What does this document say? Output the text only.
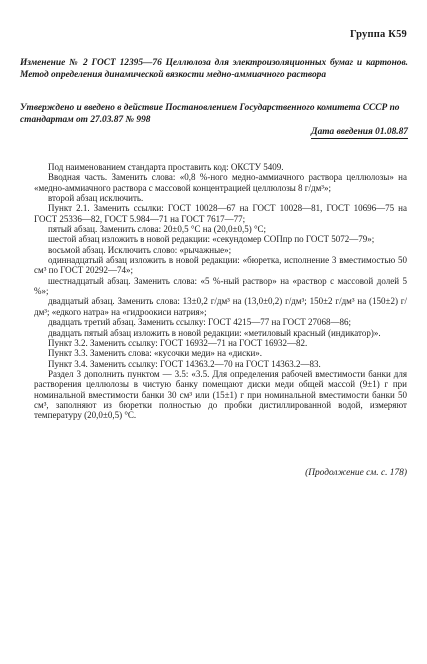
Группа К59
Изменение № 2 ГОСТ 12395—76 Целлюлоза для электроизоляционных бумаг и картонов. Метод определения динамической вязкости медно-аммиачного раствора
Утверждено и введено в действие Постановлением Государственного комитета СССР по стандартам от 27.03.87 № 998
Дата введения 01.08.87

Под наименованием стандарта проставить код: ОКСТУ 5409.

Вводная часть. Заменить слова: «0,8 %-ного медно-аммиачного раствора целлюлозы» на «медно-аммиачного раствора с массовой концентрацией целлюлозы 8 г/дм³»;

второй абзац исключить.

Пункт 2.1. Заменить ссылки: ГОСТ 10028—67 на ГОСТ 10028—81, ГОСТ 10696—75 на ГОСТ 25336—82, ГОСТ 5.984—71 на ГОСТ 7617—77;

пятый абзац. Заменить слова: 20±0,5 °С на (20,0±0,5) °С;

шестой абзац изложить в новой редакции: «секундомер СОПпр по ГОСТ 5072—79»;

восьмой абзац. Исключить слово: «рычажные»;

одиннадцатый абзац изложить в новой редакции: «бюретка, исполнение 3 вместимостью 50 см³ по ГОСТ 20292—74»;

шестнадцатый абзац. Заменить слова: «5 %-ный раствор» на «раствор с массовой долей 5 %»;

двадцатый абзац. Заменить слова: 13±0,2 г/дм³ на (13,0±0,2) г/дм³; 150±2 г/дм³ на (150±2) г/дм³; «едкого натра» на «гидроокиси натрия»;

двадцать третий абзац. Заменить ссылку: ГОСТ 4215—77 на ГОСТ 27068—86;

двадцать пятый абзац изложить в новой редакции: «метиловый красный (индикатор)».

Пункт 3.2. Заменить ссылку: ГОСТ 16932—71 на ГОСТ 16932—82.

Пункт 3.3. Заменить слова: «кусочки меди» на «диски».

Пункт 3.4. Заменить ссылку: ГОСТ 14363.2—70 на ГОСТ 14363.2—83.

Раздел 3 дополнить пунктом — 3.5: «3.5. Для определения рабочей вместимости банки для растворения целлюлозы в чистую банку помещают диски меди общей массой (9±1) г при номинальной вместимости банки 30 см³ или (15±1) г при номинальной вместимости банки 50 см³, заполняют из бюретки полностью до пробки дистиллированной водой, измеряют температуру (20,0±0,5) °С.

(Продолжение см. с. 178)
